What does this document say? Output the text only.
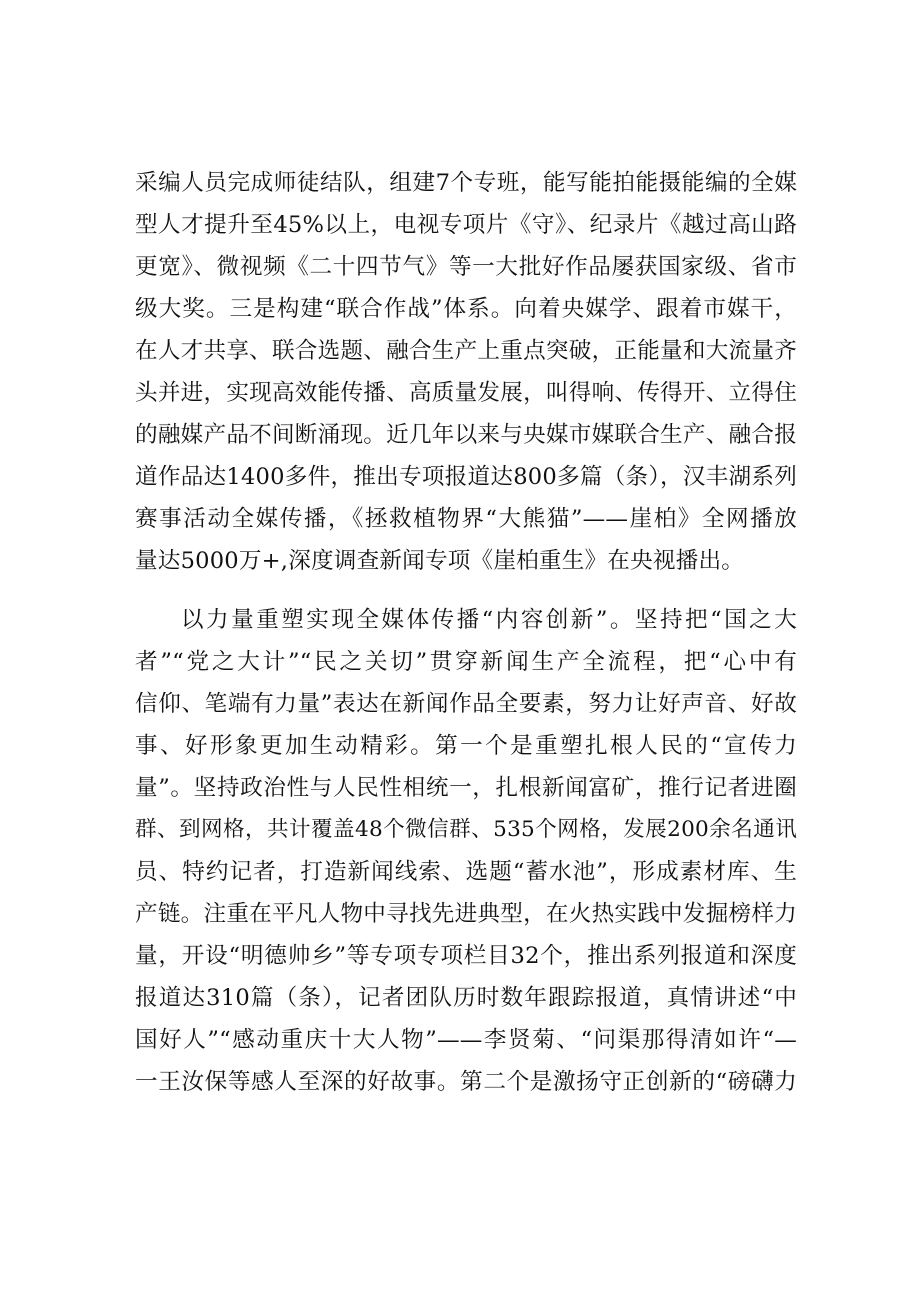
采编人员完成师徒结队，组建7个专班，能写能拍能摄能编的全媒
型人才提升至45%以上，电视专项片《守》、纪录片《越过高山路
更宽》、微视频《二十四节气》等一大批好作品屡获国家级、省市
级大奖。三是构建“联合作战”体系。向着央媒学、跟着市媒干，
在人才共享、联合选题、融合生产上重点突破，正能量和大流量齐
头并进，实现高效能传播、高质量发展，叫得响、传得开、立得住
的融媒产品不间断涌现。近几年以来与央媒市媒联合生产、融合报
道作品达1400多件，推出专项报道达800多篇（条），汉丰湖系列
赛事活动全媒传播，《拯救植物界“大熊猫”——崖柏》全网播放
量达5000万+,深度调查新闻专项《崖柏重生》在央视播出。
以力量重塑实现全媒体传播“内容创新”。坚持把“国之大
者”“党之大计”“民之关切”贯穿新闻生产全流程，把“心中有
信仰、笔端有力量”表达在新闻作品全要素，努力让好声音、好故
事、好形象更加生动精彩。第一个是重塑扎根人民的“宣传力
量”。坚持政治性与人民性相统一，扎根新闻富矿，推行记者进圈
群、到网格，共计覆盖48个微信群、535个网格，发展200余名通讯
员、特约记者，打造新闻线索、选题“蓄水池”，形成素材库、生
产链。注重在平凡人物中寻找先进典型，在火热实践中发掘榜样力
量，开设“明德帅乡”等专项专项栏目32个，推出系列报道和深度
报道达310篇（条），记者团队历时数年跟踪报道，真情讲述“中
国好人”“感动重庆十大人物”——李贤菊、“问渠那得清如许“—
一王汝保等感人至深的好故事。第二个是激扬守正创新的“磅礴力
